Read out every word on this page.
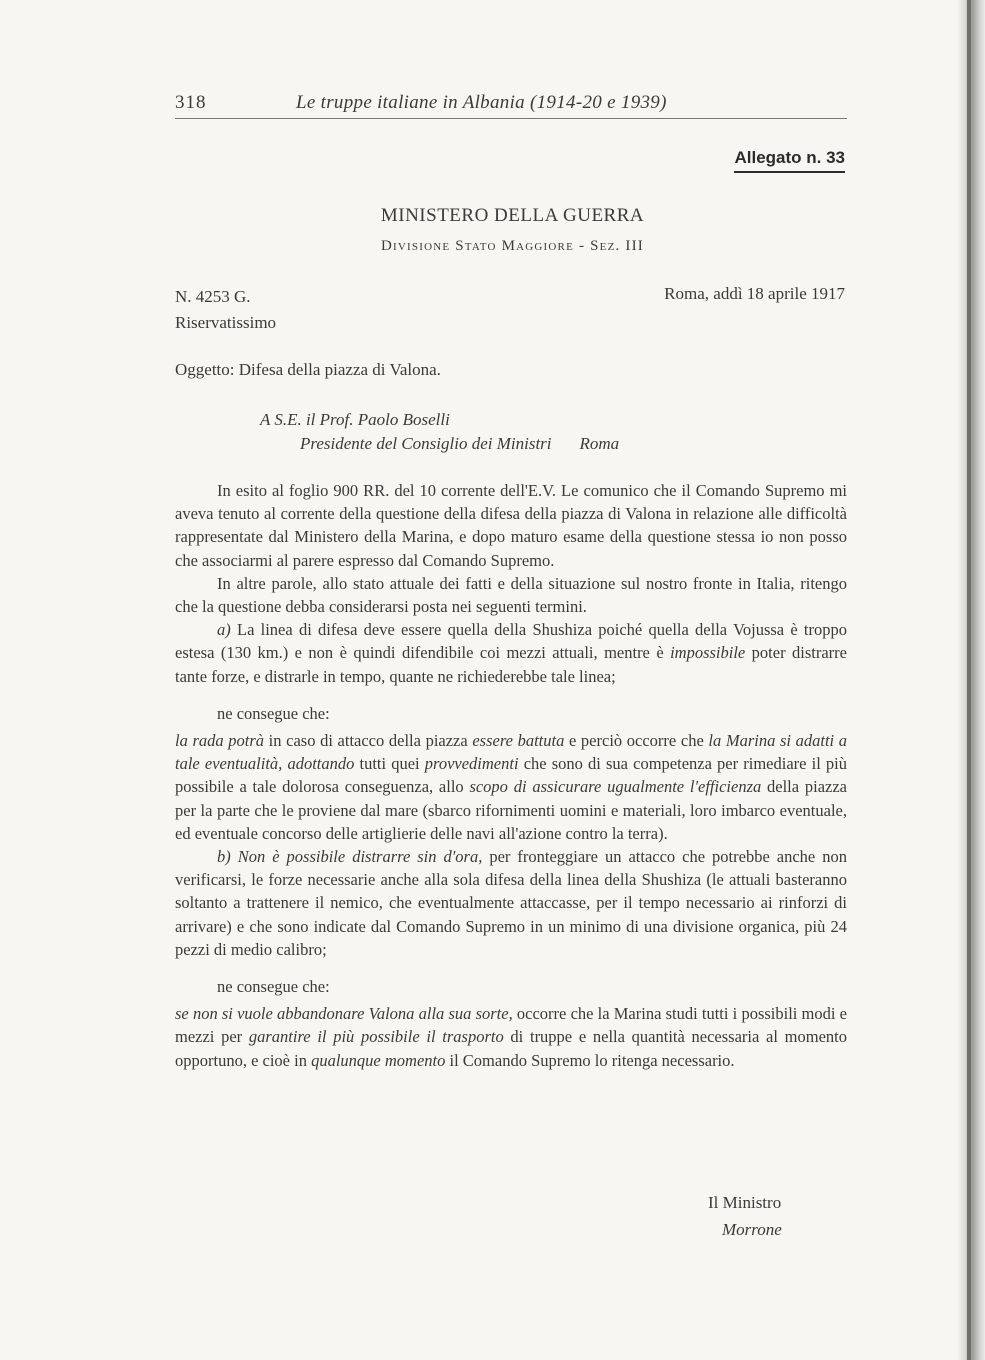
318	Le truppe italiane in Albania (1914-20 e 1939)
Allegato n. 33
MINISTERO DELLA GUERRA
Divisione Stato Maggiore - Sez. III
N. 4253 G.
Riservatissimo
Roma, addì 18 aprile 1917
Oggetto: Difesa della piazza di Valona.
A S.E. il Prof. Paolo Boselli
Presidente del Consiglio dei Ministri Roma

In esito al foglio 900 RR. del 10 corrente dell'E.V. Le comunico che il Comando Supremo mi aveva tenuto al corrente della questione della difesa della piazza di Valona in relazione alle difficoltà rappresentate dal Ministero della Marina, e dopo maturo esame della questione stessa io non posso che associarmi al parere espresso dal Comando Supremo.

In altre parole, allo stato attuale dei fatti e della situazione sul nostro fronte in Italia, ritengo che la questione debba considerarsi posta nei seguenti termini.

a) La linea di difesa deve essere quella della Shushiza poiché quella della Vojussa è troppo estesa (130 km.) e non è quindi difendibile coi mezzi attuali, mentre è impossibile poter distrarre tante forze, e distrarle in tempo, quante ne richiederebbe tale linea;

ne consegue che:

la rada potrà in caso di attacco della piazza essere battuta e perciò occorre che la Marina si adatti a tale eventualità, adottando tutti quei provvedimenti che sono di sua competenza per rimediare il più possibile a tale dolorosa conseguenza, allo scopo di assicurare ugualmente l'efficienza della piazza per la parte che le proviene dal mare (sbarco rifornimenti uomini e materiali, loro imbarco eventuale, ed eventuale concorso delle artiglierie delle navi all'azione contro la terra).

b) Non è possibile distrarre sin d'ora, per fronteggiare un attacco che potrebbe anche non verificarsi, le forze necessarie anche alla sola difesa della linea della Shushiza (le attuali basteranno soltanto a trattenere il nemico, che eventualmente attaccasse, per il tempo necessario ai rinforzi di arrivare) e che sono indicate dal Comando Supremo in un minimo di una divisione organica, più 24 pezzi di medio calibro;

ne consegue che:

se non si vuole abbandonare Valona alla sua sorte, occorre che la Marina studi tutti i possibili modi e mezzi per garantire il più possibile il trasporto di truppe e nella quantità necessaria al momento opportuno, e cioè in qualunque momento il Comando Supremo lo ritenga necessario.

Il Ministro
Morrone
